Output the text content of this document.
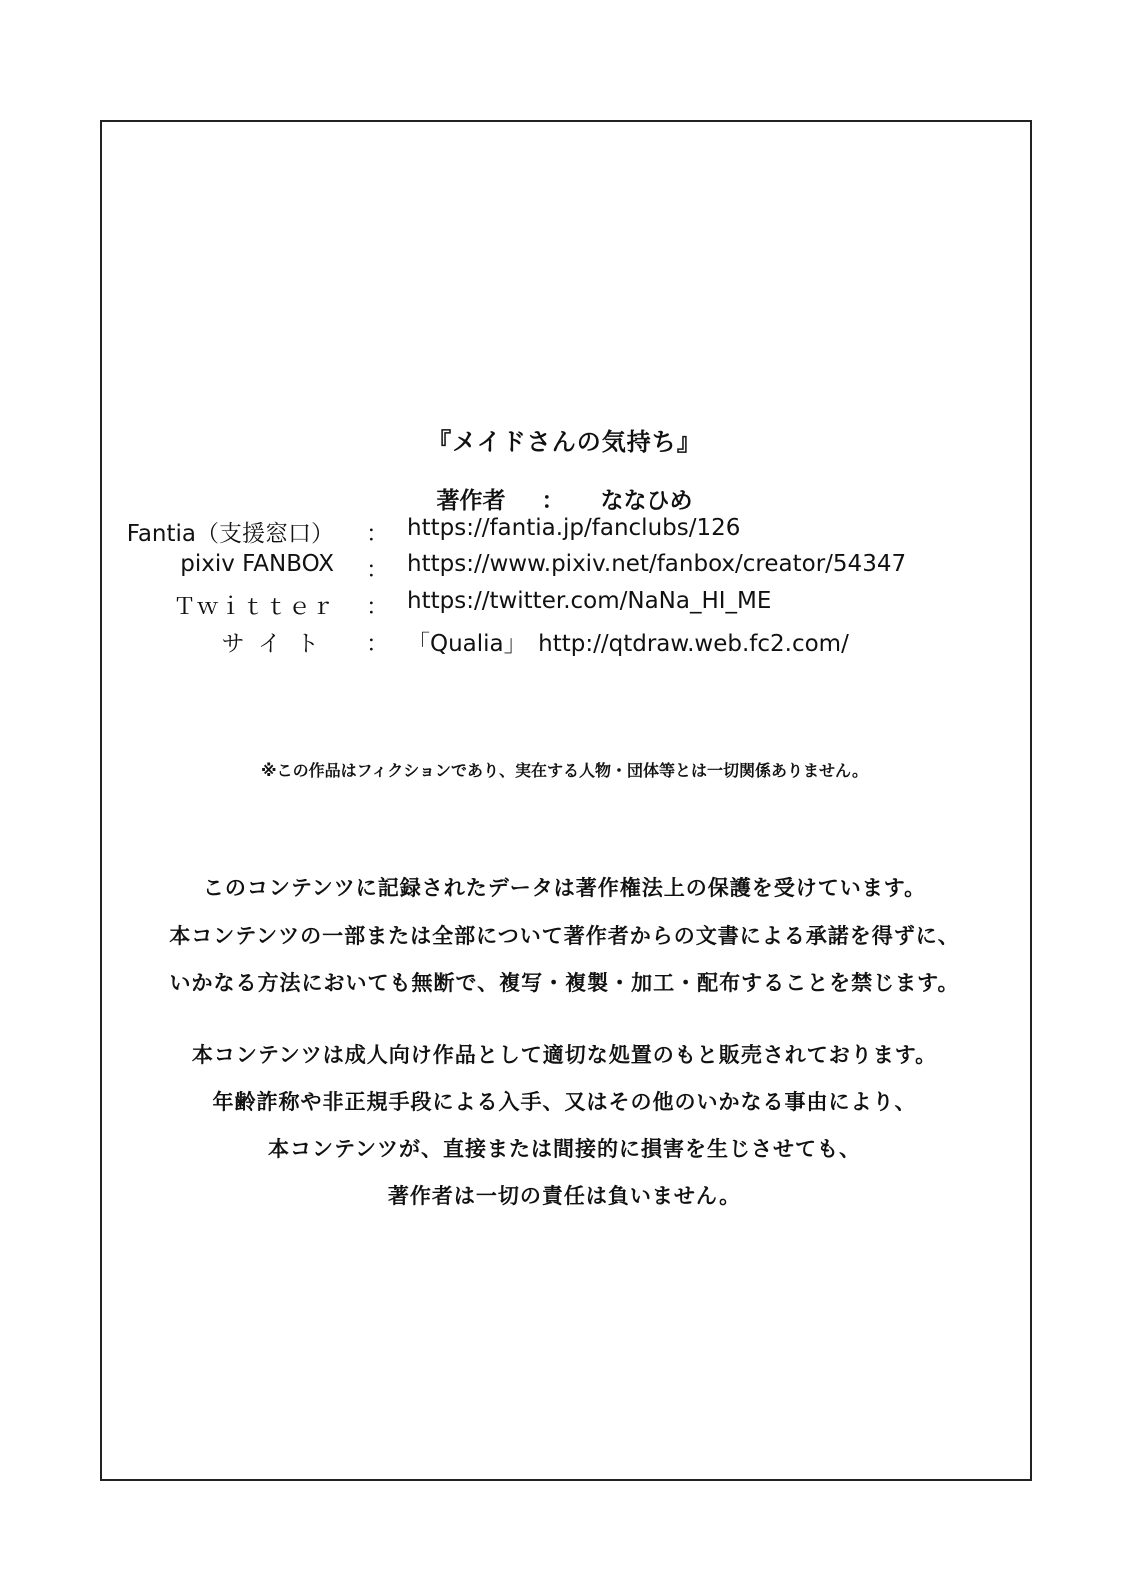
『メイドさんの気持ち』
著作者 ： ななひめ
Fantia（支援窓口） ： https://fantia.jp/fanclubs/126
pixiv FANBOX ： https://www.pixiv.net/fanbox/creator/54347
Ｔｗｉｔｔｅｒ ： https://twitter.com/NaNa_HI_ME
サイト ： 「Qualia」　http://qtdraw.web.fc2.com/
※この作品はフィクションであり、実在する人物・団体等とは一切関係ありません。
このコンテンツに記録されたデータは著作権法上の保護を受けています。
本コンテンツの一部または全部について著作者からの文書による承諾を得ずに、
いかなる方法においても無断で、複写・複製・加工・配布することを禁じます。
本コンテンツは成人向け作品として適切な処置のもと販売されております。
年齢詐称や非正規手段による入手、又はその他のいかなる事由により、
本コンテンツが、直接または間接的に損害を生じさせても、
著作者は一切の責任は負いません。
